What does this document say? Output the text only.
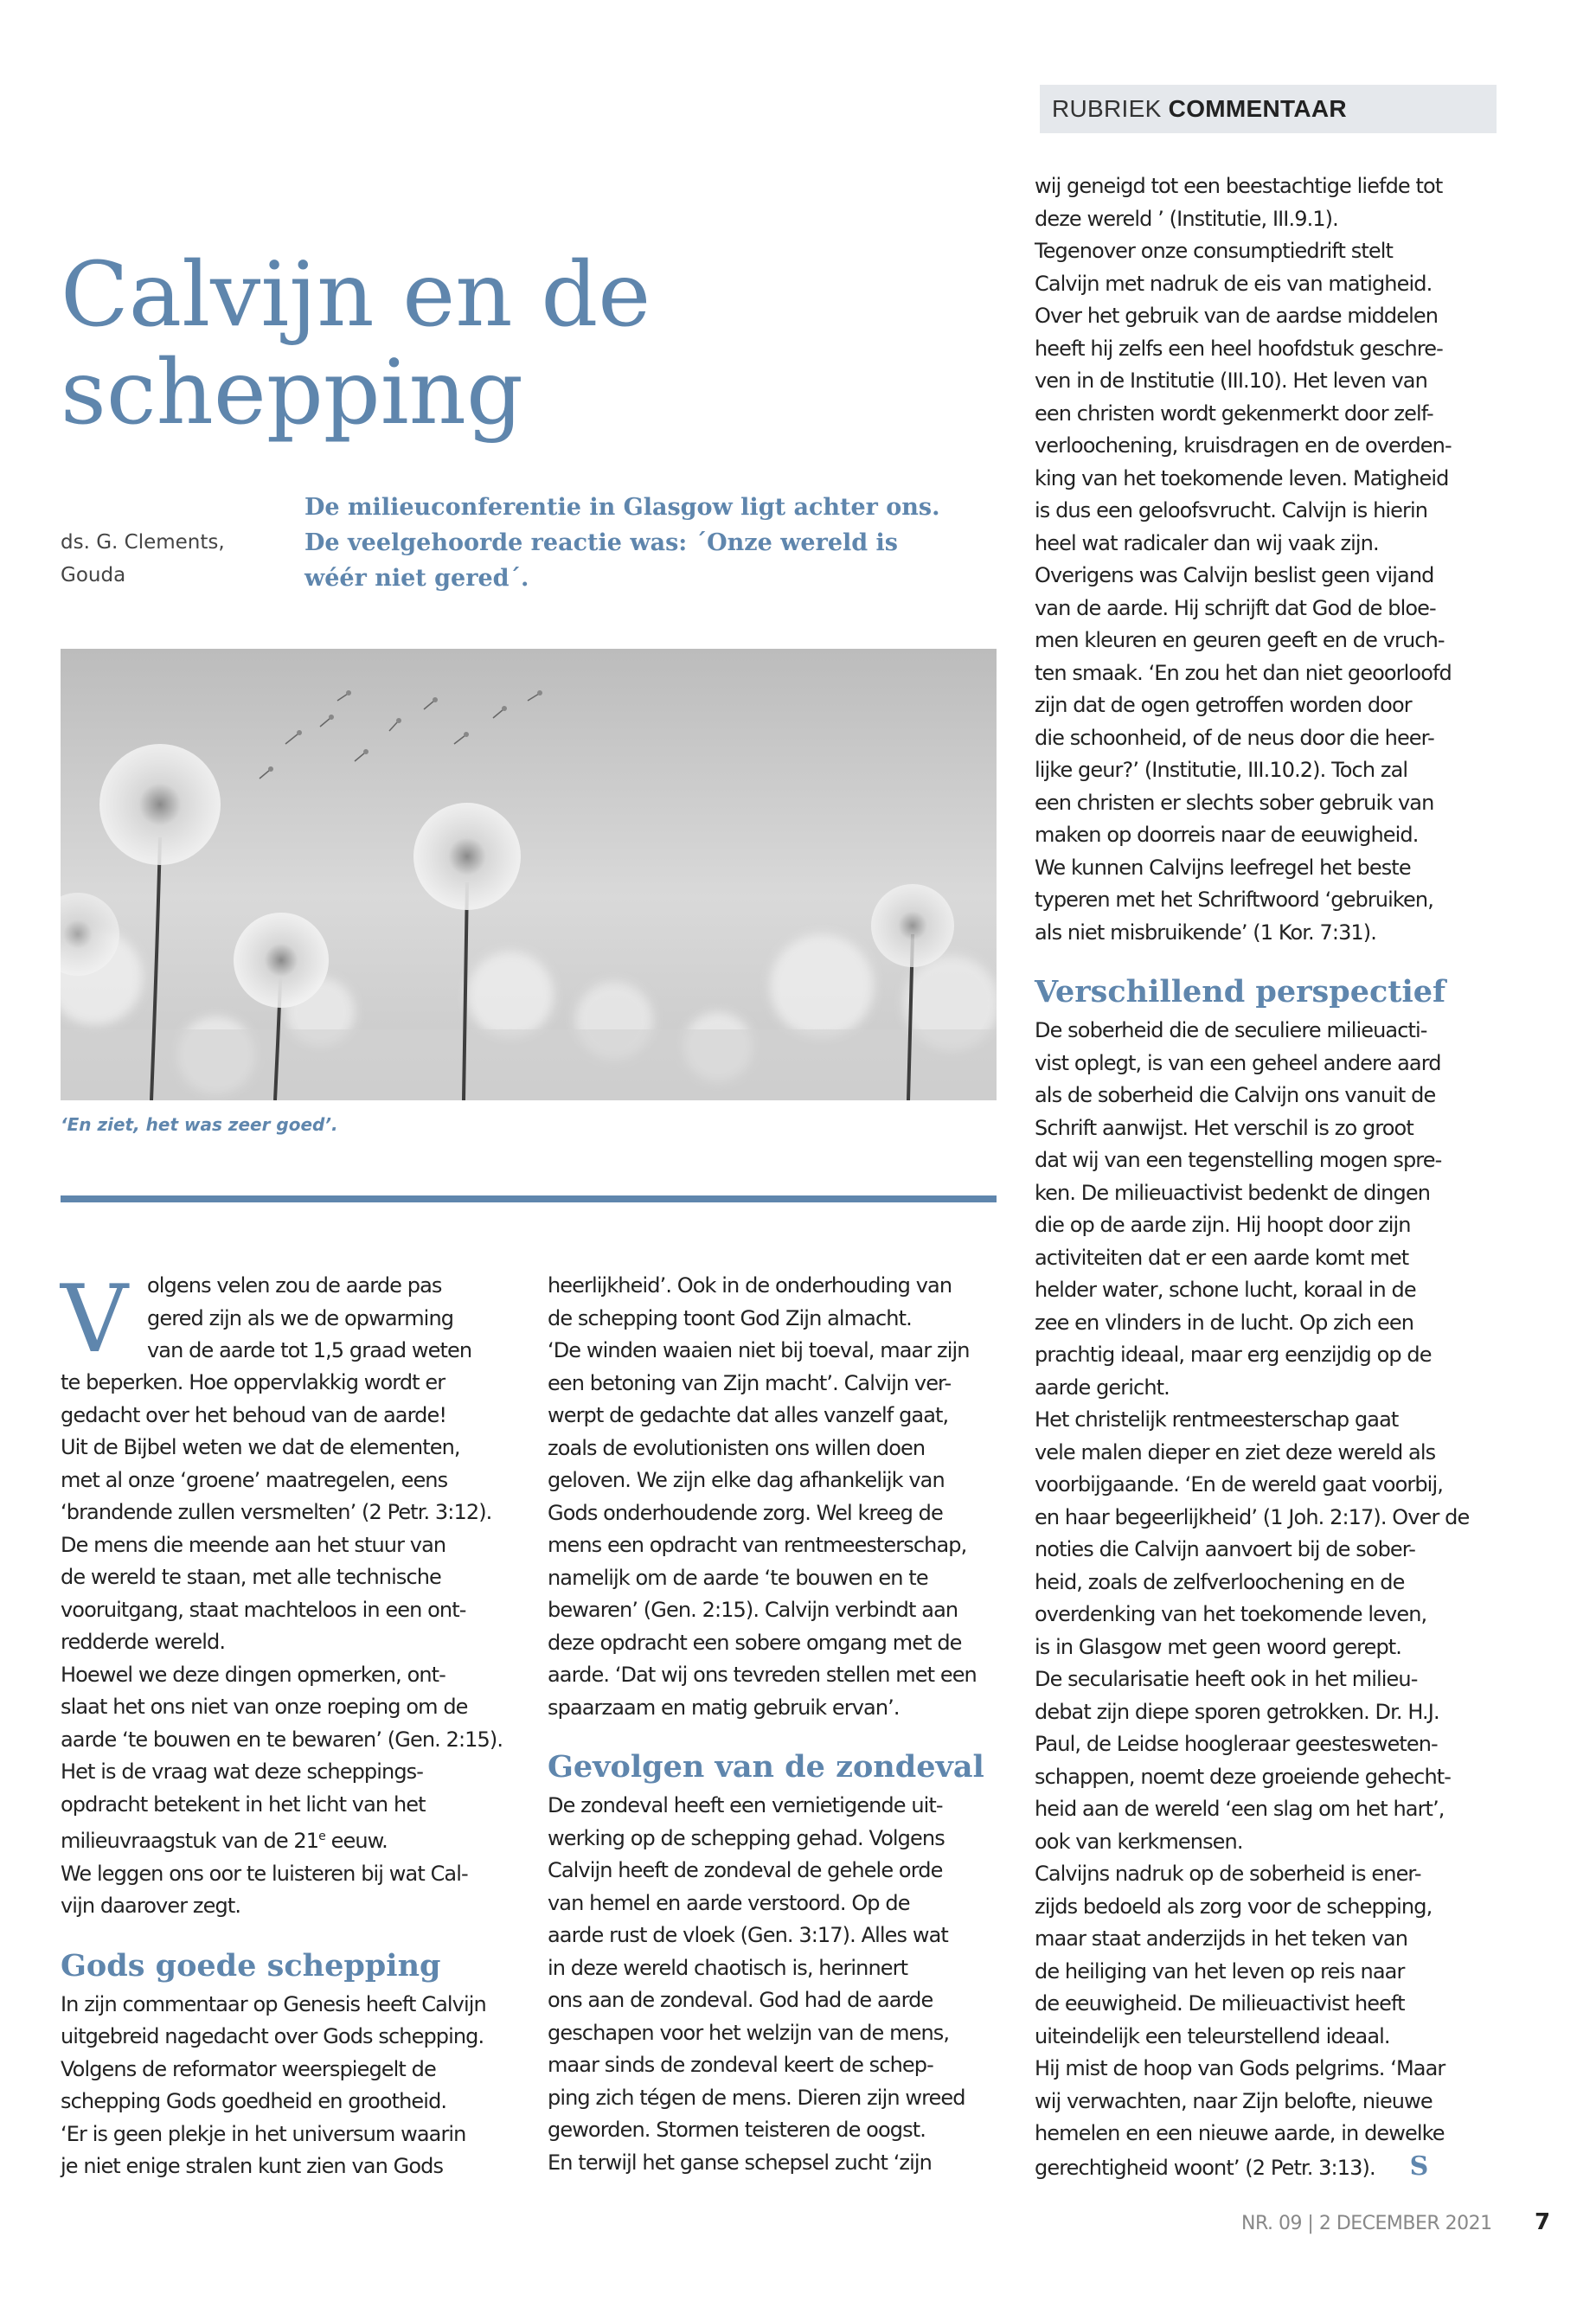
RUBRIEK COMMENTAAR
Calvijn en de
schepping
ds. G. Clements,
Gouda
De milieuconferentie in Glasgow ligt achter ons.
De veelgehoorde reactie was: ´Onze wereld is
wéér niet gered´.
‘En ziet, het was zeer goed’.
V olgens velen zou de aarde pas

gered zijn als we de opwarming

van de aarde tot 1,5 graad weten

te beperken. Hoe oppervlakkig wordt er

gedacht over het behoud van de aarde!

Uit de Bijbel weten we dat de elementen,

met al onze ‘groene’ maatregelen, eens

‘brandende zullen versmelten’ (2 Petr. 3:12).

De mens die meende aan het stuur van

de wereld te staan, met alle technische

vooruitgang, staat machteloos in een ont-

redderde wereld.

Hoewel we deze dingen opmerken, ont-

slaat het ons niet van onze roeping om de

aarde ‘te bouwen en te bewaren’ (Gen. 2:15).

Het is de vraag wat deze scheppings-

opdracht betekent in het licht van het

milieuvraagstuk van de 21e eeuw.

We leggen ons oor te luisteren bij wat Cal-

vijn daarover zegt.

Gods goede schepping

In zijn commentaar op Genesis heeft Calvijn

uitgebreid nagedacht over Gods schepping.

Volgens de reformator weerspiegelt de

schepping Gods goedheid en grootheid.

‘Er is geen plekje in het universum waarin

je niet enige stralen kunt zien van Gods

heerlijkheid’. Ook in de onderhouding van

de schepping toont God Zijn almacht.

‘De winden waaien niet bij toeval, maar zijn

een betoning van Zijn macht’. Calvijn ver-

werpt de gedachte dat alles vanzelf gaat,

zoals de evolutionisten ons willen doen

geloven. We zijn elke dag afhankelijk van

Gods onderhoudende zorg. Wel kreeg de

mens een opdracht van rentmeesterschap,

namelijk om de aarde ‘te bouwen en te

bewaren’ (Gen. 2:15). Calvijn verbindt aan

deze opdracht een sobere omgang met de

aarde. ‘Dat wij ons tevreden stellen met een

spaarzaam en matig gebruik ervan’.

Gevolgen van de zondeval

De zondeval heeft een vernietigende uit-

werking op de schepping gehad. Volgens

Calvijn heeft de zondeval de gehele orde

van hemel en aarde verstoord. Op de

aarde rust de vloek (Gen. 3:17). Alles wat

in deze wereld chaotisch is, herinnert

ons aan de zondeval. God had de aarde

geschapen voor het welzijn van de mens,

maar sinds de zondeval keert de schep-

ping zich tégen de mens. Dieren zijn wreed

geworden. Stormen teisteren de oogst.

En terwijl het ganse schepsel zucht ‘zijn

wij geneigd tot een beestachtige liefde tot

deze wereld ’ (Institutie, III.9.1).

Tegenover onze consumptiedrift stelt

Calvijn met nadruk de eis van matigheid.

Over het gebruik van de aardse middelen

heeft hij zelfs een heel hoofdstuk geschre-

ven in de Institutie (III.10). Het leven van

een christen wordt gekenmerkt door zelf-

verloochening, kruisdragen en de overden-

king van het toekomende leven. Matigheid

is dus een geloofsvrucht. Calvijn is hierin

heel wat radicaler dan wij vaak zijn.

Overigens was Calvijn beslist geen vijand

van de aarde. Hij schrijft dat God de bloe-

men kleuren en geuren geeft en de vruch-

ten smaak. ‘En zou het dan niet geoorloofd

zijn dat de ogen getroffen worden door

die schoonheid, of de neus door die heer-

lijke geur?’ (Institutie, III.10.2). Toch zal

een christen er slechts sober gebruik van

maken op doorreis naar de eeuwigheid.

We kunnen Calvijns leefregel het beste

typeren met het Schriftwoord ‘gebruiken,

als niet misbruikende’ (1 Kor. 7:31).

Verschillend perspectief

De soberheid die de seculiere milieuacti-

vist oplegt, is van een geheel andere aard

als de soberheid die Calvijn ons vanuit de

Schrift aanwijst. Het verschil is zo groot

dat wij van een tegenstelling mogen spre-

ken. De milieuactivist bedenkt de dingen

die op de aarde zijn. Hij hoopt door zijn

activiteiten dat er een aarde komt met

helder water, schone lucht, koraal in de

zee en vlinders in de lucht. Op zich een

prachtig ideaal, maar erg eenzijdig op de

aarde gericht.

Het christelijk rentmeesterschap gaat

vele malen dieper en ziet deze wereld als

voorbijgaande. ‘En de wereld gaat voorbij,

en haar begeerlijkheid’ (1 Joh. 2:17). Over de

noties die Calvijn aanvoert bij de sober-

heid, zoals de zelfverloochening en de

overdenking van het toekomende leven,

is in Glasgow met geen woord gerept.

De secularisatie heeft ook in het milieu-

debat zijn diepe sporen getrokken. Dr. H.J.

Paul, de Leidse hoogleraar geestesweten-

schappen, noemt deze groeiende gehecht-

heid aan de wereld ‘een slag om het hart’,

ook van kerkmensen.

Calvijns nadruk op de soberheid is ener-

zijds bedoeld als zorg voor de schepping,

maar staat anderzijds in het teken van

de heiliging van het leven op reis naar

de eeuwigheid. De milieuactivist heeft

uiteindelijk een teleurstellend ideaal.

Hij mist de hoop van Gods pelgrims. ‘Maar

wij verwachten, naar Zijn belofte, nieuwe

hemelen en een nieuwe aarde, in dewelke

gerechtigheid woont’ (2 Petr. 3:13). S

NR. 09 | 2 DECEMBER 2021 7
